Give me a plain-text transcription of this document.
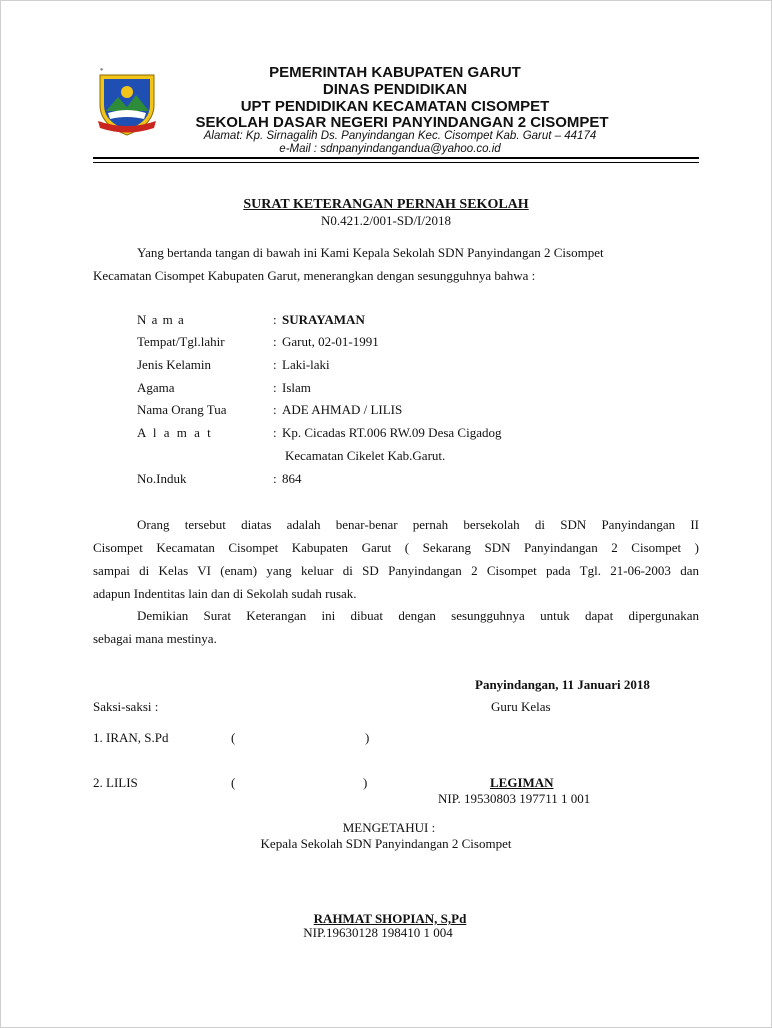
*	PEMERINTAH KABUPATEN GARUT
DINAS PENDIDIKAN
UPT PENDIDIKAN KECAMATAN CISOMPET
SEKOLAH DASAR NEGERI PANYINDANGAN 2 CISOMPET
Alamat: Kp. Sirnagalih Ds. Panyindangan Kec. Cisompet Kab. Garut – 44174
e-Mail : sdnpanyindangandua@yahoo.co.id
SURAT KETERANGAN PERNAH SEKOLAH
N0.421.2/001-SD/I/2018
Yang bertanda tangan di bawah ini Kami Kepala Sekolah SDN Panyindangan 2 Cisompet
Kecamatan Cisompet Kabupaten Garut, menerangkan dengan sesungguhnya bahwa :
N a m a	: SURAYAMAN
Tempat/Tgl.lahir	: Garut, 02-01-1991
Jenis Kelamin	: Laki-laki
Agama	: Islam
Nama Orang Tua	: ADE AHMAD / LILIS
A l a m a t	: Kp. Cicadas RT.006 RW.09 Desa Cigadog
Kecamatan Cikelet Kab.Garut.
No.Induk	: 864
Orang tersebut diatas adalah benar-benar pernah bersekolah di SDN Panyindangan II
Cisompet Kecamatan Cisompet Kabupaten Garut ( Sekarang SDN Panyindangan 2 Cisompet )
sampai di Kelas VI (enam) yang keluar di SD Panyindangan 2 Cisompet pada Tgl. 21-06-2003 dan
adapun Indentitas lain dan di Sekolah sudah rusak.
Demikian Surat Keterangan ini dibuat dengan sesungguhnya untuk dapat dipergunakan
sebagai mana mestinya.
Panyindangan, 11 Januari 2018
Saksi-saksi :	Guru Kelas
1. IRAN, S.Pd	(	)
2. LILIS	(	)	LEGIMAN
NIP. 19530803 197711 1 001
MENGETAHUI :
Kepala Sekolah SDN Panyindangan 2 Cisompet
RAHMAT SHOPIAN, S,Pd
NIP.19630128 198410 1 004
